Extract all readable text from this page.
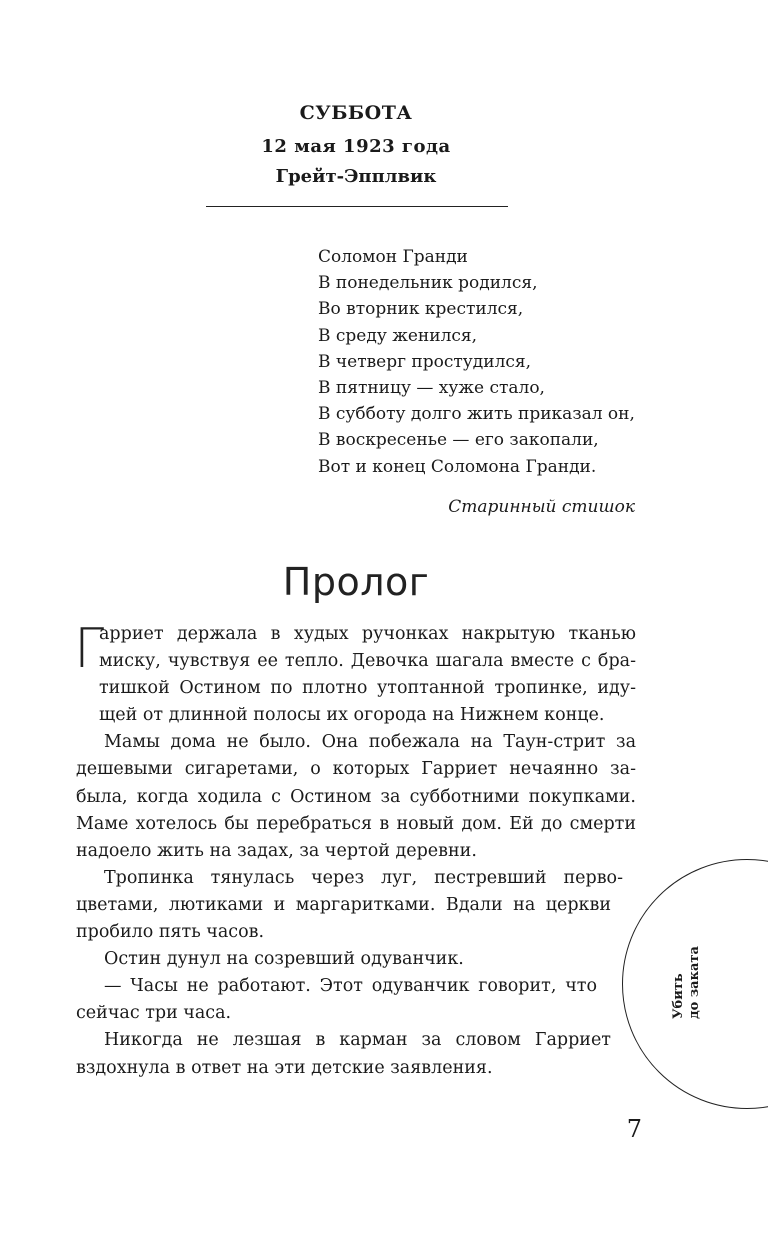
СУББОТА
12 мая 1923 года
Грейт-Эпплвик
Соломон Гранди
В понедельник родился,
Во вторник крестился,
В среду женился,
В четверг простудился,
В пятницу — хуже стало,
В субботу долго жить приказал он,
В воскресенье — его закопали,
Вот и конец Соломона Гранди.
Старинный стишок
Пролог
Г
арриет держала в худых ручонках накрытую тканью
миску, чувствуя ее тепло. Девочка шагала вместе с бра-
тишкой Остином по плотно утоптанной тропинке, иду-
щей от длинной полосы их огорода на Нижнем конце.
Мамы дома не было. Она побежала на Таун-стрит за
дешевыми сигаретами, о которых Гарриет нечаянно за-
была, когда ходила с Остином за субботними покупками.
Маме хотелось бы перебраться в новый дом. Ей до смерти
надоело жить на задах, за чертой деревни.
Тропинка тянулась через луг, пестревший перво-
цветами, лютиками и маргаритками. Вдали на церкви
пробило пять часов.
Остин дунул на созревший одуванчик.
— Часы не работают. Этот одуванчик говорит, что
сейчас три часа.
Никогда не лезшая в карман за словом Гарриет
вздохнула в ответ на эти детские заявления.
Убить до заката
7
